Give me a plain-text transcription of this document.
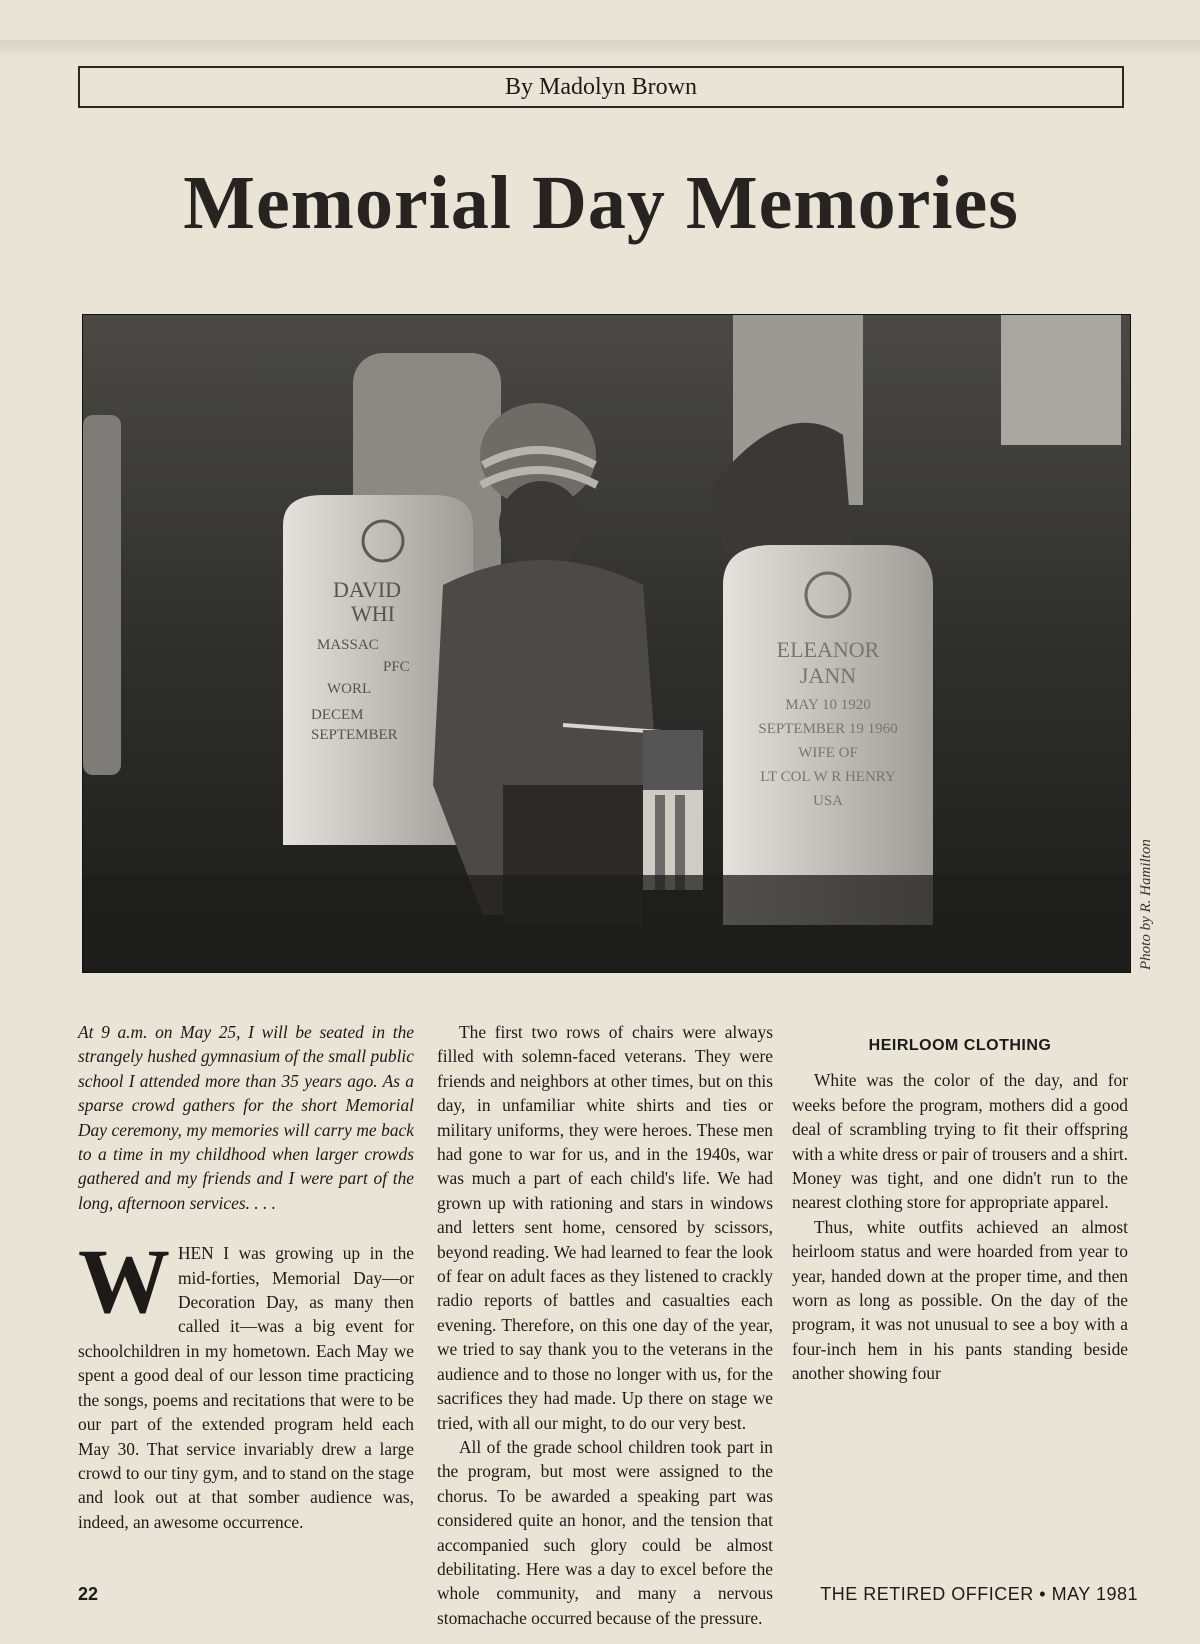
By Madolyn Brown
Memorial Day Memories
DAVID
WHI
MASSAC
PFC
WORL
DECEM
SEPTEMBER
ELEANOR
JANN
MAY 10 1920
SEPTEMBER 19 1960
WIFE OF
LT COL W R HENRY
USA
Photo by R. Hamilton

At 9 a.m. on May 25, I will be seated in the strangely hushed gymnasium of the small public school I attended more than 35 years ago. As a sparse crowd gathers for the short Memorial Day ceremony, my memories will carry me back to a time in my childhood when larger crowds gathered and my friends and I were part of the long, afternoon services. . . .

WHEN I was growing up in the mid-forties, Memorial Day—or Decoration Day, as many then called it—was a big event for schoolchildren in my hometown. Each May we spent a good deal of our lesson time practicing the songs, poems and recitations that were to be our part of the extended program held each May 30. That service invariably drew a large crowd to our tiny gym, and to stand on the stage and look out at that somber audience was, indeed, an awesome occurrence.

The first two rows of chairs were always filled with solemn-faced veterans. They were friends and neighbors at other times, but on this day, in unfamiliar white shirts and ties or military uniforms, they were heroes. These men had gone to war for us, and in the 1940s, war was much a part of each child's life. We had grown up with rationing and stars in windows and letters sent home, censored by scissors, beyond reading. We had learned to fear the look of fear on adult faces as they listened to crackly radio reports of battles and casualties each evening. Therefore, on this one day of the year, we tried to say thank you to the veterans in the audience and to those no longer with us, for the sacrifices they had made. Up there on stage we tried, with all our might, to do our very best.

All of the grade school children took part in the program, but most were assigned to the chorus. To be awarded a speaking part was considered quite an honor, and the tension that accompanied such glory could be almost debilitating. Here was a day to excel before the whole community, and many a nervous stomachache occurred because of the pressure.

HEIRLOOM CLOTHING

White was the color of the day, and for weeks before the program, mothers did a good deal of scrambling trying to fit their offspring with a white dress or pair of trousers and a shirt. Money was tight, and one didn't run to the nearest clothing store for appropriate apparel.

Thus, white outfits achieved an almost heirloom status and were hoarded from year to year, handed down at the proper time, and then worn as long as possible. On the day of the program, it was not unusual to see a boy with a four-inch hem in his pants standing beside another showing four

22	THE RETIRED OFFICER • MAY 1981
